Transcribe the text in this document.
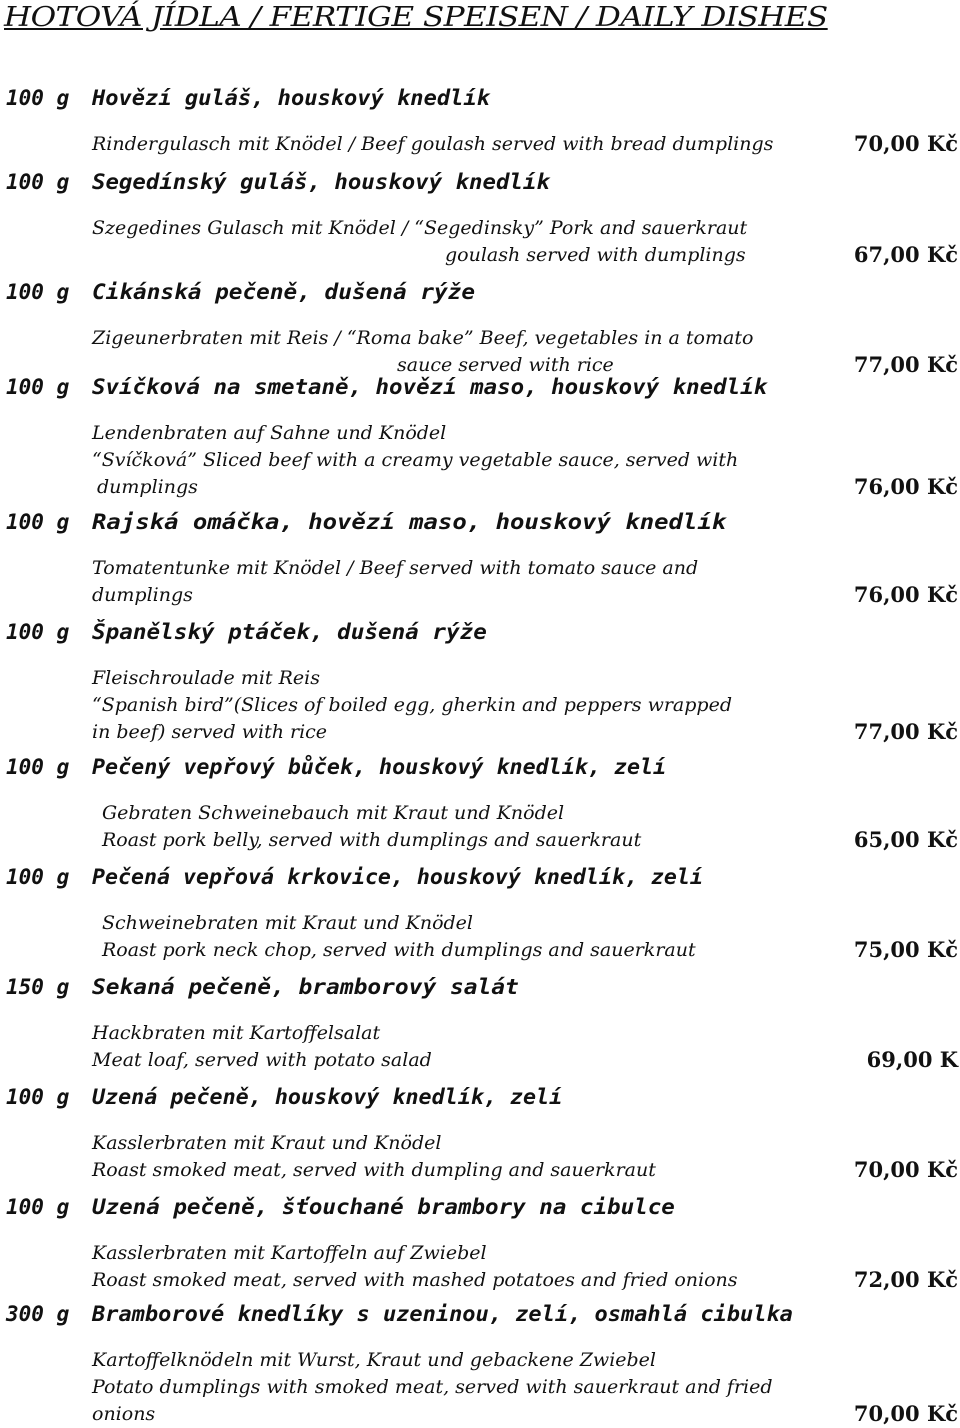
HOTOVÁ JÍDLA / FERTIGE SPEISEN / DAILY DISHES
100 g Hovězí guláš, houskový knedlík
Rindergulasch mit Knödel / Beef goulash served with bread dumplings	70,00 Kč
100 g Segedínský guláš, houskový knedlík
Szegedines Gulasch mit Knödel / “Segedinsky” Pork and sauerkraut
goulash served with dumplings	67,00 Kč
100 g Cikánská pečeně, dušená rýže
Zigeunerbraten mit Reis / “Roma bake” Beef, vegetables in a tomato
sauce served with rice	77,00 Kč
100 g Svíčková na smetaně, hovězí maso, houskový knedlík
Lendenbraten auf Sahne und Knödel
“Svíčková” Sliced beef with a creamy vegetable sauce, served with
dumplings	76,00 Kč
100 g Rajská omáčka, hovězí maso, houskový knedlík
Tomatentunke mit Knödel / Beef served with tomato sauce and
dumplings	76,00 Kč
100 g Španělský ptáček, dušená rýže
Fleischroulade mit Reis
“Spanish bird”(Slices of boiled egg, gherkin and peppers wrapped
in beef) served with rice	77,00 Kč
100 g Pečený vepřový bůček, houskový knedlík, zelí
Gebraten Schweinebauch mit Kraut und Knödel
Roast pork belly, served with dumplings and sauerkraut	65,00 Kč
100 g Pečená vepřová krkovice, houskový knedlík, zelí
Schweinebraten mit Kraut und Knödel
Roast pork neck chop, served with dumplings and sauerkraut	75,00 Kč
150 g Sekaná pečeně, bramborový salát
Hackbraten mit Kartoffelsalat
Meat loaf, served with potato salad	69,00 K
100 g Uzená pečeně, houskový knedlík, zelí
Kasslerbraten mit Kraut und Knödel
Roast smoked meat, served with dumpling and sauerkraut	70,00 Kč
100 g Uzená pečeně, šťouchané brambory na cibulce
Kasslerbraten mit Kartoffeln auf Zwiebel
Roast smoked meat, served with mashed potatoes and fried onions	72,00 Kč
300 g Bramborové knedlíky s uzeninou, zelí, osmahlá cibulka
Kartoffelknödeln mit Wurst, Kraut und gebackene Zwiebel
Potato dumplings with smoked meat, served with sauerkraut and fried
onions	70,00 Kč
